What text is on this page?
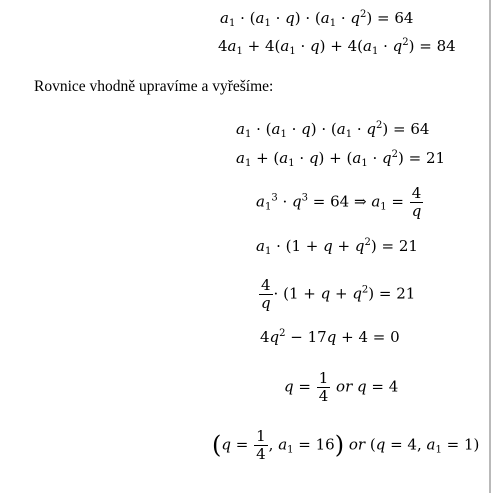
$a_1 \cdot (a_1 \cdot q) \cdot (a_1 \cdot q^2) = 64$
$4a_1 + 4(a_1 \cdot q) + 4(a_1 \cdot q^2) = 84$
Rovnice vhodně upravíme a vyřešíme:
$a_1 \cdot (a_1 \cdot q) \cdot (a_1 \cdot q^2) = 64$
$a_1 + (a_1 \cdot q) + (a_1 \cdot q^2) = 21$
$a_1^3 \cdot q^3 = 64$ ⇒ $a_1 = \frac{4}{q}$
$a_1 \cdot (1 + q + q^2) = 21$
$\frac{4}{q} \cdot (1 + q + q^2) = 21$
$4q^2 - 17q + 4 = 0$
$q = \frac{1}{4}$ or q = 4
($q = \frac{1}{4}$ , $a_1 = 16$) or (q = 4, $a_1 = 1$)
